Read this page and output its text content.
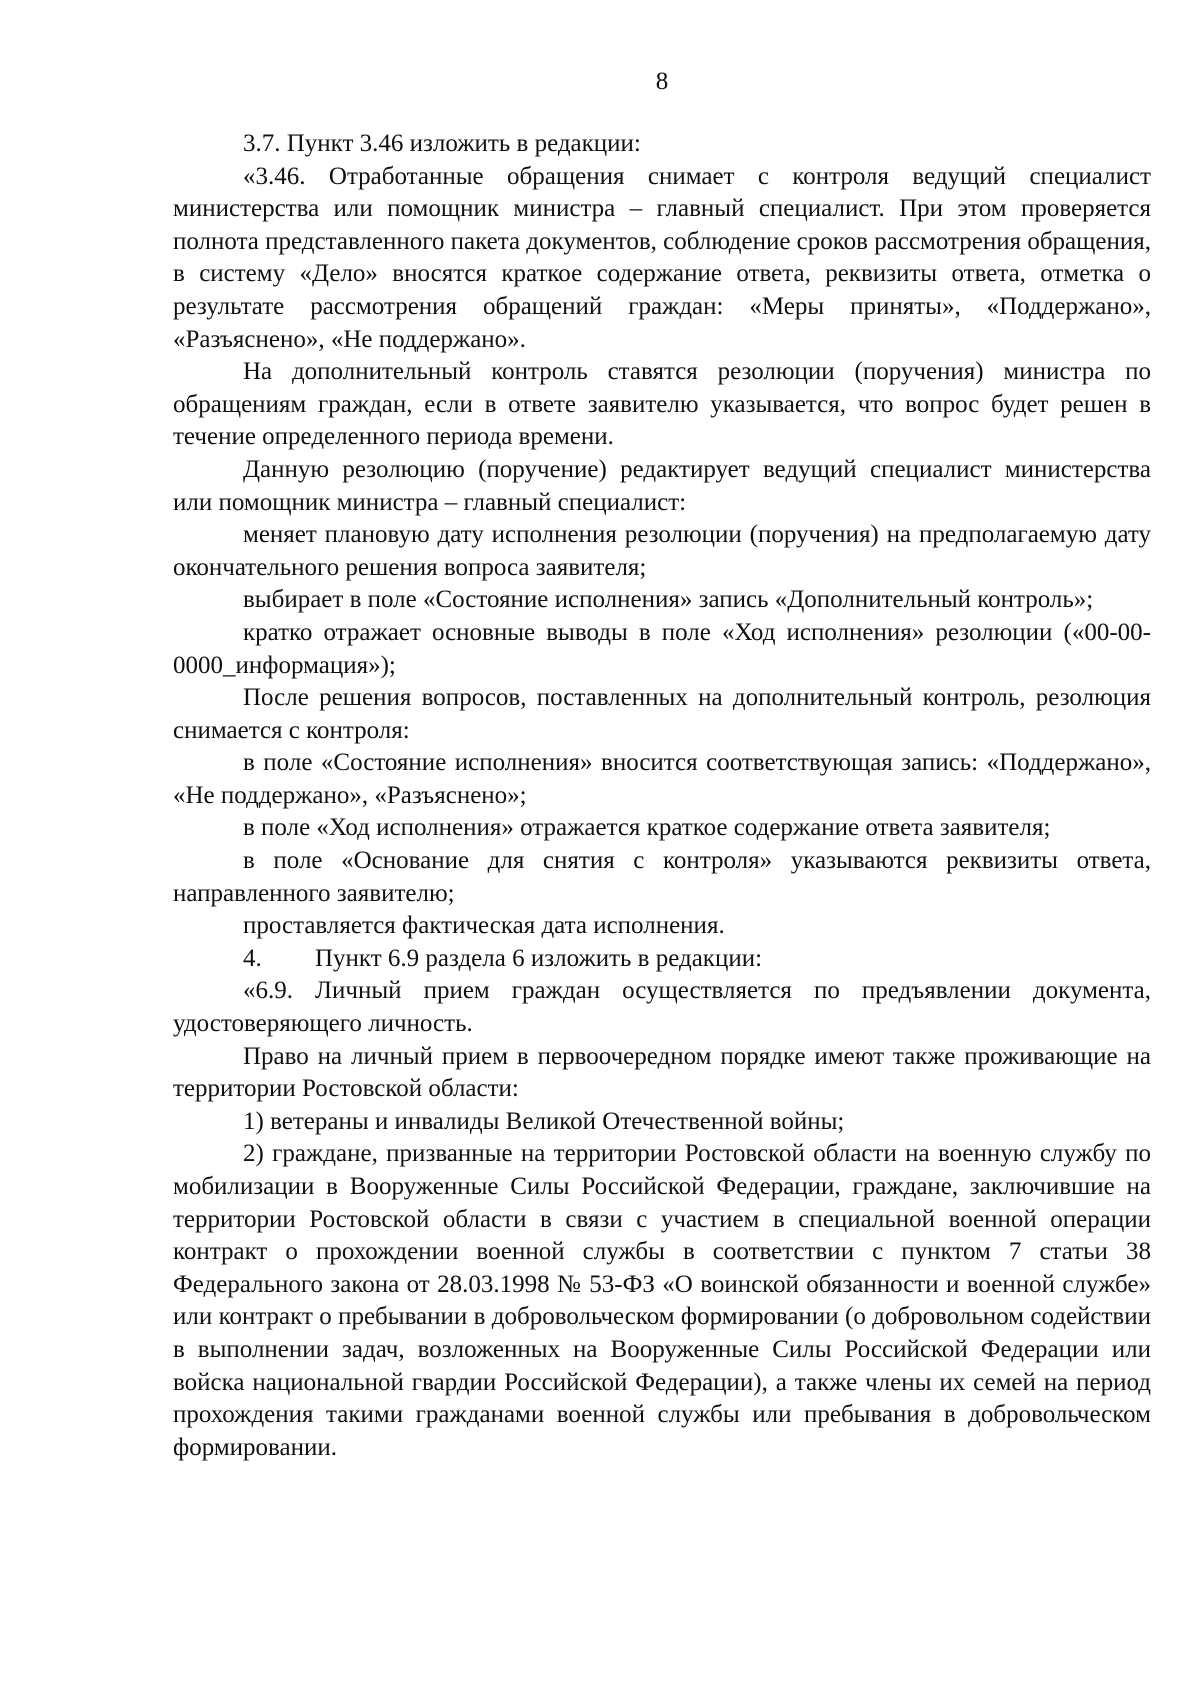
8

3.7. Пункт 3.46 изложить в редакции:

«3.46. Отработанные обращения снимает с контроля ведущий специалист министерства или помощник министра – главный специалист. При этом проверяется полнота представленного пакета документов, соблюдение сроков рассмотрения обращения, в систему «Дело» вносятся краткое содержание ответа, реквизиты ответа, отметка о результате рассмотрения обращений граждан: «Меры приняты», «Поддержано», «Разъяснено», «Не поддержано».

На дополнительный контроль ставятся резолюции (поручения) министра по обращениям граждан, если в ответе заявителю указывается, что вопрос будет решен в течение определенного периода времени.

Данную резолюцию (поручение) редактирует ведущий специалист министерства или помощник министра – главный специалист:

меняет плановую дату исполнения резолюции (поручения) на предполагаемую дату окончательного решения вопроса заявителя;

выбирает в поле «Состояние исполнения» запись «Дополнительный контроль»;

кратко отражает основные выводы в поле «Ход исполнения» резолюции («00-00-0000_информация»);

После решения вопросов, поставленных на дополнительный контроль, резолюция снимается с контроля:

в поле «Состояние исполнения» вносится соответствующая запись: «Поддержано», «Не поддержано», «Разъяснено»;

в поле «Ход исполнения» отражается краткое содержание ответа заявителя;

в поле «Основание для снятия с контроля» указываются реквизиты ответа, направленного заявителю;

проставляется фактическая дата исполнения.

4. Пункт 6.9 раздела 6 изложить в редакции:

«6.9. Личный прием граждан осуществляется по предъявлении документа, удостоверяющего личность.

Право на личный прием в первоочередном порядке имеют также проживающие на территории Ростовской области:

1) ветераны и инвалиды Великой Отечественной войны;

2) граждане, призванные на территории Ростовской области на военную службу по мобилизации в Вооруженные Силы Российской Федерации, граждане, заключившие на территории Ростовской области в связи с участием в специальной военной операции контракт о прохождении военной службы в соответствии с пунктом 7 статьи 38 Федерального закона от 28.03.1998 № 53-ФЗ «О воинской обязанности и военной службе» или контракт о пребывании в добровольческом формировании (о добровольном содействии в выполнении задач, возложенных на Вооруженные Силы Российской Федерации или войска национальной гвардии Российской Федерации), а также члены их семей на период прохождения такими гражданами военной службы или пребывания в добровольческом формировании.
